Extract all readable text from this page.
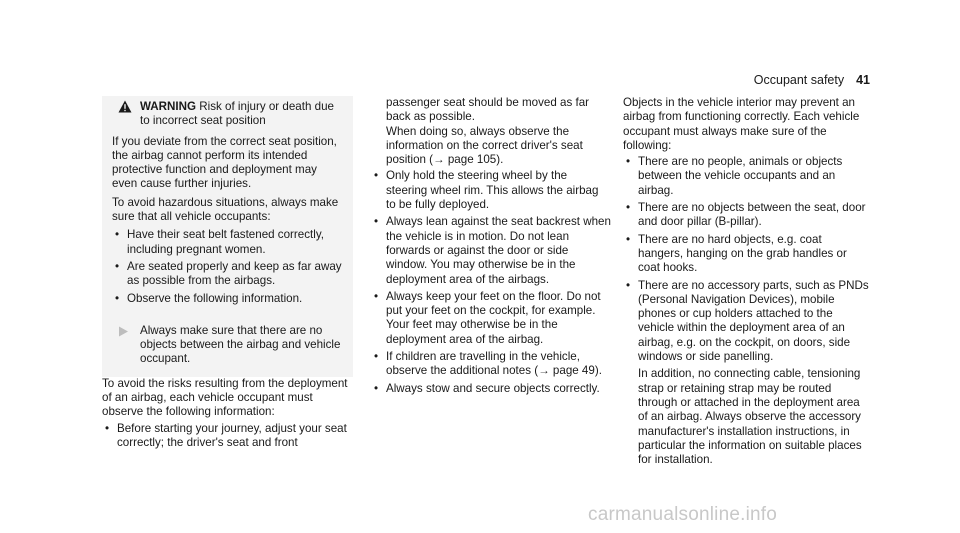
Occupant safety 41
WARNING Risk of injury or death due to incorrect seat position

If you deviate from the correct seat position, the airbag cannot perform its intended protective function and deployment may even cause further injuries.

To avoid hazardous situations, always make sure that all vehicle occupants:

• Have their seat belt fastened correctly, including pregnant women.
• Are seated properly and keep as far away as possible from the airbags.
• Observe the following information.
Always make sure that there are no objects between the airbag and vehicle occupant.

To avoid the risks resulting from the deployment of an airbag, each vehicle occupant must observe the following information:

• Before starting your journey, adjust your seat correctly; the driver's seat and front

passenger seat should be moved as far back as possible.

When doing so, always observe the information on the correct driver's seat position (→ page 105).

• Only hold the steering wheel by the steering wheel rim. This allows the airbag to be fully deployed.
• Always lean against the seat backrest when the vehicle is in motion. Do not lean forwards or against the door or side window. You may otherwise be in the deployment area of the airbags.
• Always keep your feet on the floor. Do not put your feet on the cockpit, for example. Your feet may otherwise be in the deployment area of the airbag.
• If children are travelling in the vehicle, observe the additional notes (→ page 49).
• Always stow and secure objects correctly.

Objects in the vehicle interior may prevent an airbag from functioning correctly. Each vehicle occupant must always make sure of the following:

• There are no people, animals or objects between the vehicle occupants and an airbag.
• There are no objects between the seat, door and door pillar (B-pillar).
• There are no hard objects, e.g. coat hangers, hanging on the grab handles or coat hooks.
• There are no accessory parts, such as PNDs (Personal Navigation Devices), mobile phones or cup holders attached to the vehicle within the deployment area of an airbag, e.g. on the cockpit, on doors, side windows or side panelling.

In addition, no connecting cable, tensioning strap or retaining strap may be routed through or attached in the deployment area of an airbag. Always observe the accessory manufacturer's installation instructions, in particular the information on suitable places for installation.

carmanualsonline.info
